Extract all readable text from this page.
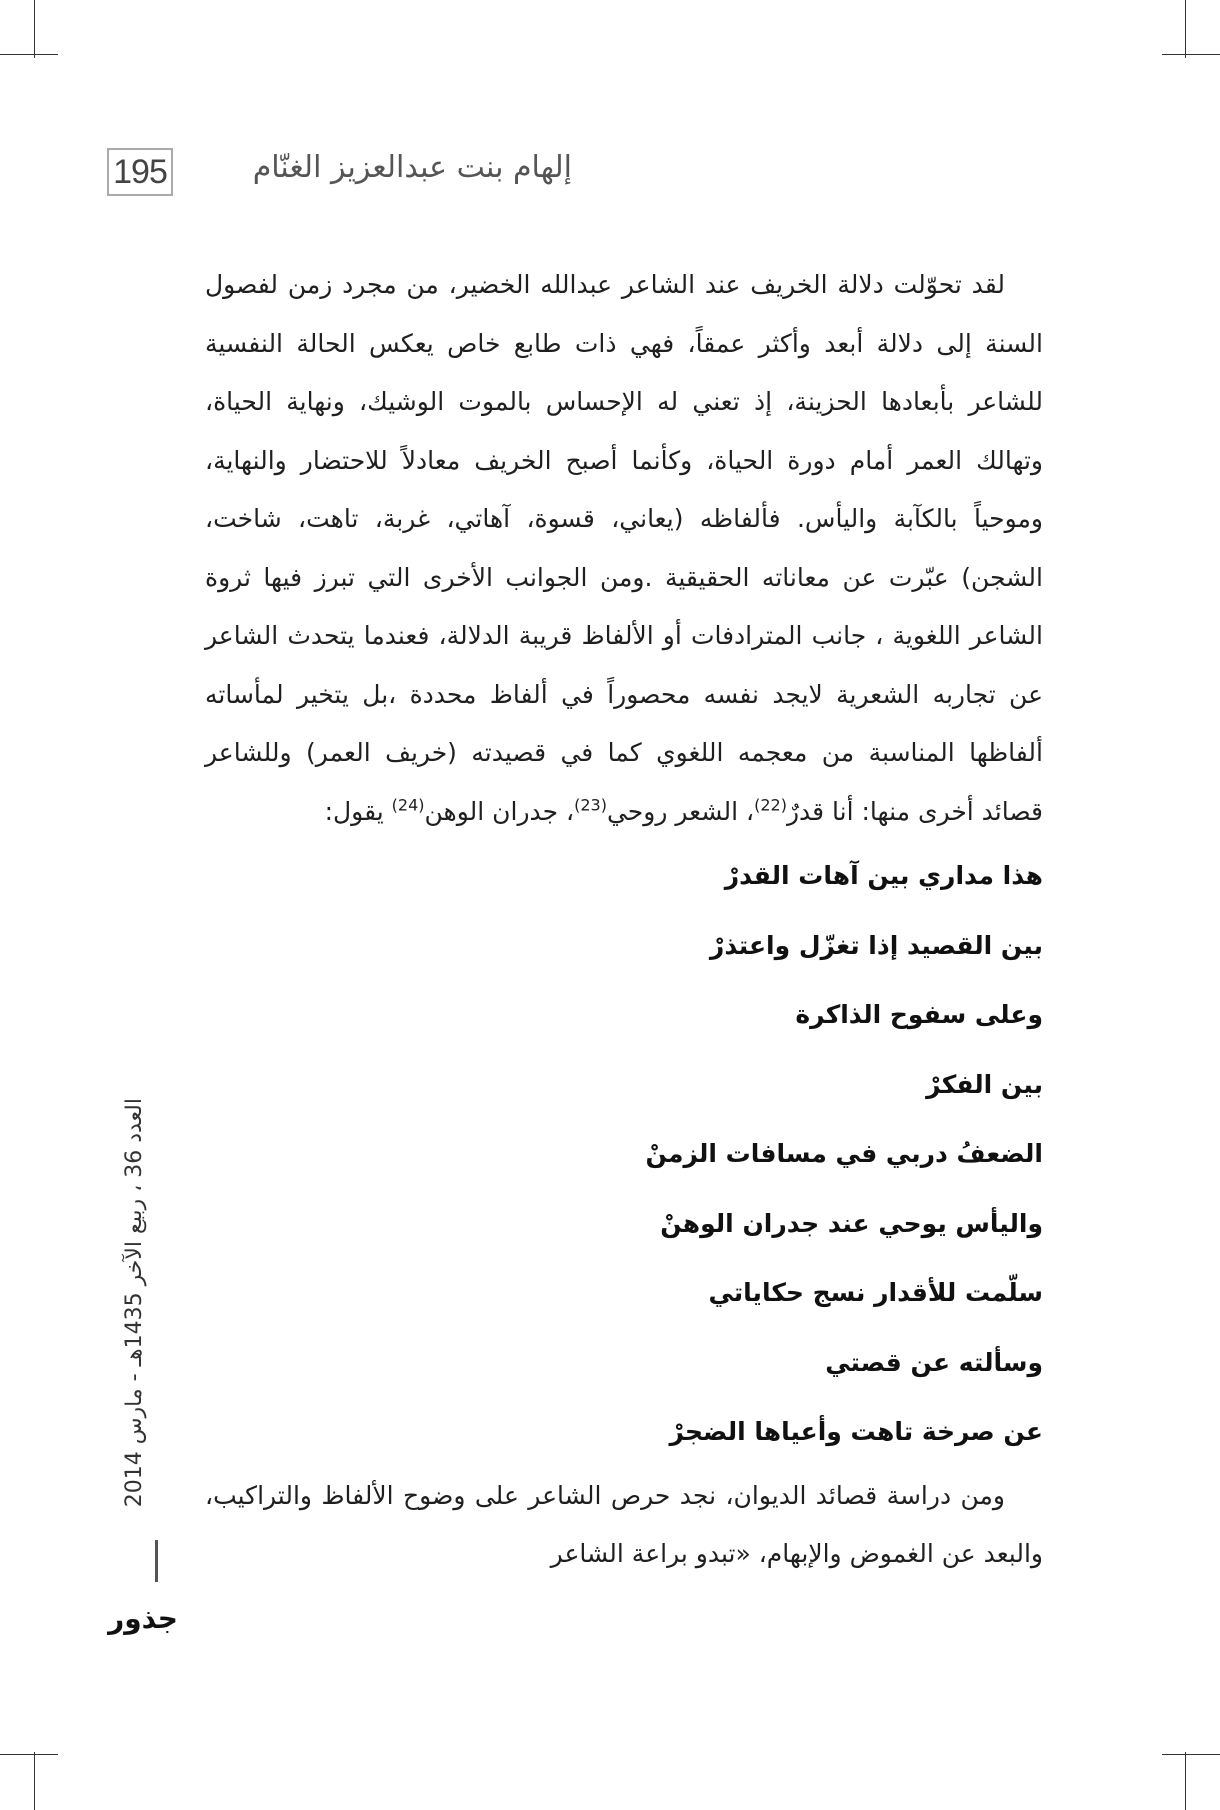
195	إلهام بنت عبدالعزيز الغنّام

لقد تحوّلت دلالة الخريف عند الشاعر عبدالله الخضير، من مجرد زمن لفصول السنة إلى دلالة أبعد وأكثر عمقاً، فهي ذات طابع خاص يعكس الحالة النفسية للشاعر بأبعادها الحزينة، إذ تعني له الإحساس بالموت الوشيك، ونهاية الحياة، وتهالك العمر أمام دورة الحياة، وكأنما أصبح الخريف معادلاً للاحتضار والنهاية، وموحياً بالكآبة واليأس. فألفاظه (يعاني، قسوة، آهاتي، غربة، تاهت، شاخت، الشجن) عبّرت عن معاناته الحقيقية .ومن الجوانب الأخرى التي تبرز فيها ثروة الشاعر اللغوية ، جانب المترادفات أو الألفاظ قريبة الدلالة، فعندما يتحدث الشاعر عن تجاربه الشعرية لايجد نفسه محصوراً في ألفاظ محددة ،بل يتخير لمأساته ألفاظها المناسبة من معجمه اللغوي كما في قصيدته (خريف العمر) وللشاعر قصائد أخرى منها: أنا قدرٌ$^{(22)}$، الشعر روحي$^{(23)}$، جدران الوهن$^{(24)}$ يقول:

هذا مداري بين آهات القدرْ
بين القصيد إذا تغزّل واعتذرْ
وعلى سفوح الذاكرة
بين الفكرْ
الضعفُ دربي في مسافات الزمنْ
واليأس يوحي عند جدران الوهنْ
سلّمت للأقدار نسج حكاياتي
وسألته عن قصتي
عن صرخة تاهت وأعياها الضجرْ

ومن دراسة قصائد الديوان، نجد حرص الشاعر على وضوح الألفاظ والتراكيب، والبعد عن الغموض والإبهام، «تبدو براعة الشاعر

العدد 36 ، ربيع الآخر 1435هـ - مارس 2014
جذور
